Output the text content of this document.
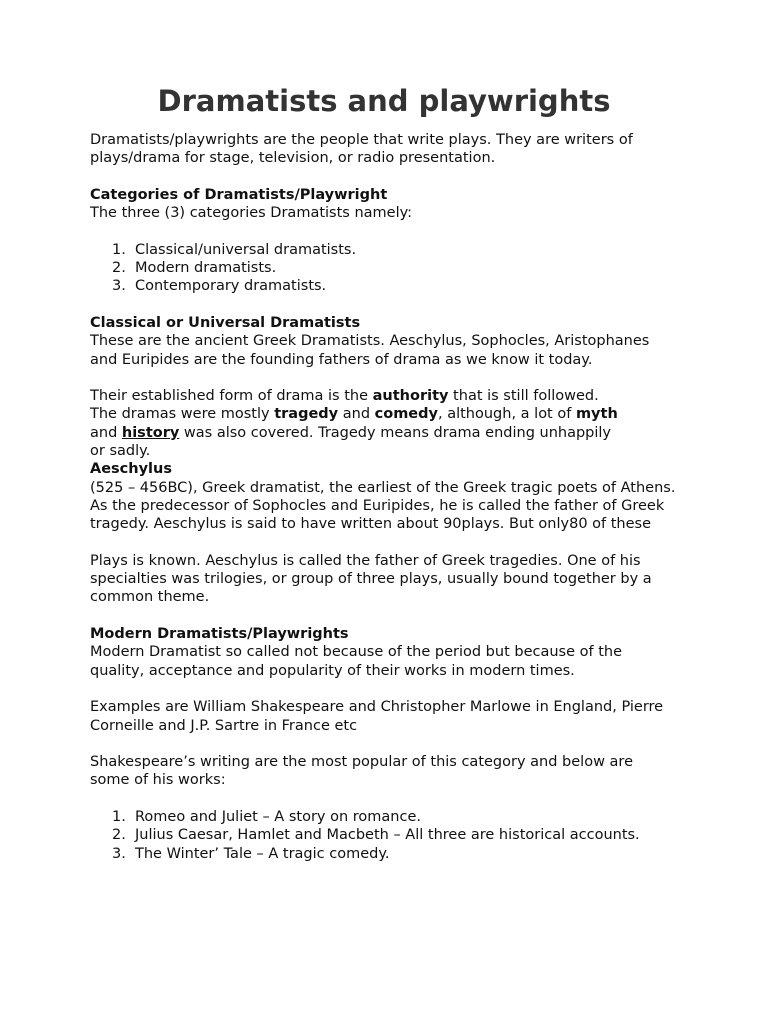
Dramatists and playwrights

Dramatists/playwrights are the people that write plays. They are writers of plays/drama for stage, television, or radio presentation.

Categories of Dramatists/Playwright

The three (3) categories Dramatists namely:

1. Classical/universal dramatists.
2. Modern dramatists.
3. Contemporary dramatists.

Classical or Universal Dramatists

These are the ancient Greek Dramatists. Aeschylus, Sophocles, Aristophanes and Euripides are the founding fathers of drama as we know it today.

Their established form of drama is the authority that is still followed. The dramas were mostly tragedy and comedy, although, a lot of myth and history was also covered. Tragedy means drama ending unhappily or sadly.

Aeschylus

(525 – 456BC), Greek dramatist, the earliest of the Greek tragic poets of Athens. As the predecessor of Sophocles and Euripides, he is called the father of Greek tragedy. Aeschylus is said to have written about 90plays. But only80 of these

Plays is known. Aeschylus is called the father of Greek tragedies. One of his specialties was trilogies, or group of three plays, usually bound together by a common theme.

Modern Dramatists/Playwrights

Modern Dramatist so called not because of the period but because of the quality, acceptance and popularity of their works in modern times.

Examples are William Shakespeare and Christopher Marlowe in England, Pierre Corneille and J.P. Sartre in France etc

Shakespeare’s writing are the most popular of this category and below are some of his works:

1. Romeo and Juliet – A story on romance.
2. Julius Caesar, Hamlet and Macbeth – All three are historical accounts.
3. The Winter’ Tale – A tragic comedy.
